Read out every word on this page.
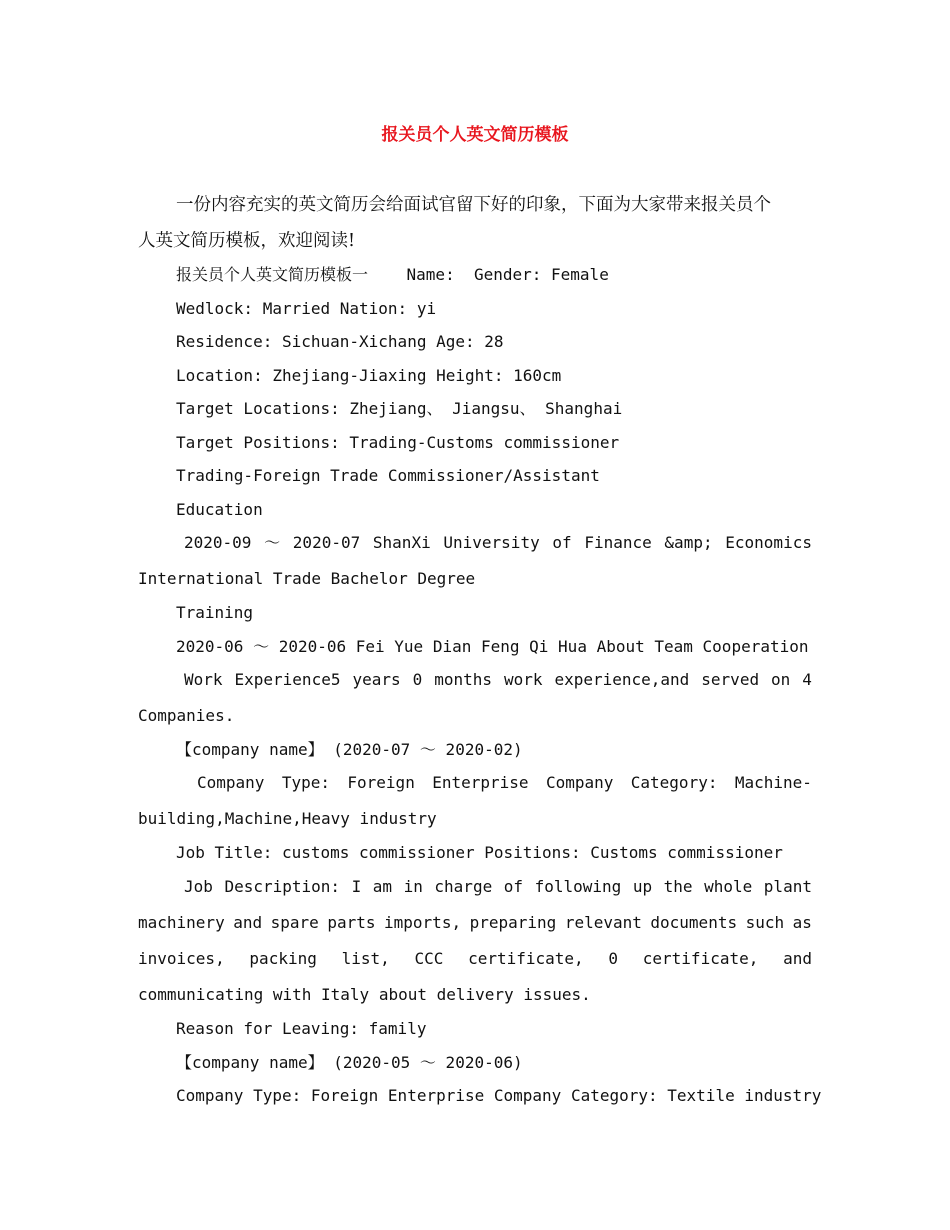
报关员个人英文简历模板
一份内容充实的英文简历会给面试官留下好的印象，下面为大家带来报关员个
人英文简历模板，欢迎阅读!
报关员个人英文简历模板一    Name:  Gender: Female
Wedlock: Married Nation: yi
Residence: Sichuan-Xichang Age: 28
Location: Zhejiang-Jiaxing Height: 160cm
Target Locations: Zhejiang、 Jiangsu、 Shanghai
Target Positions: Trading-Customs commissioner
Trading-Foreign Trade Commissioner/Assistant
Education
2020-09 ～ 2020-07 ShanXi University of Finance &amp; Economics
International Trade Bachelor Degree
Training
2020-06 ～ 2020-06 Fei Yue Dian Feng Qi Hua About Team Cooperation
Work Experience5 years 0 months work experience,and served on 4
Companies.
【company name】 (2020-07 ～ 2020-02)
Company Type: Foreign Enterprise Company Category: Machine-
building,Machine,Heavy industry
Job Title: customs commissioner Positions: Customs commissioner
Job Description: I am in charge of following up the whole plant
machinery and spare parts imports, preparing relevant documents such as
invoices, packing list, CCC certificate, 0 certificate, and
communicating with Italy about delivery issues.
Reason for Leaving: family
【company name】 (2020-05 ～ 2020-06)
Company Type: Foreign Enterprise Company Category: Textile industry
